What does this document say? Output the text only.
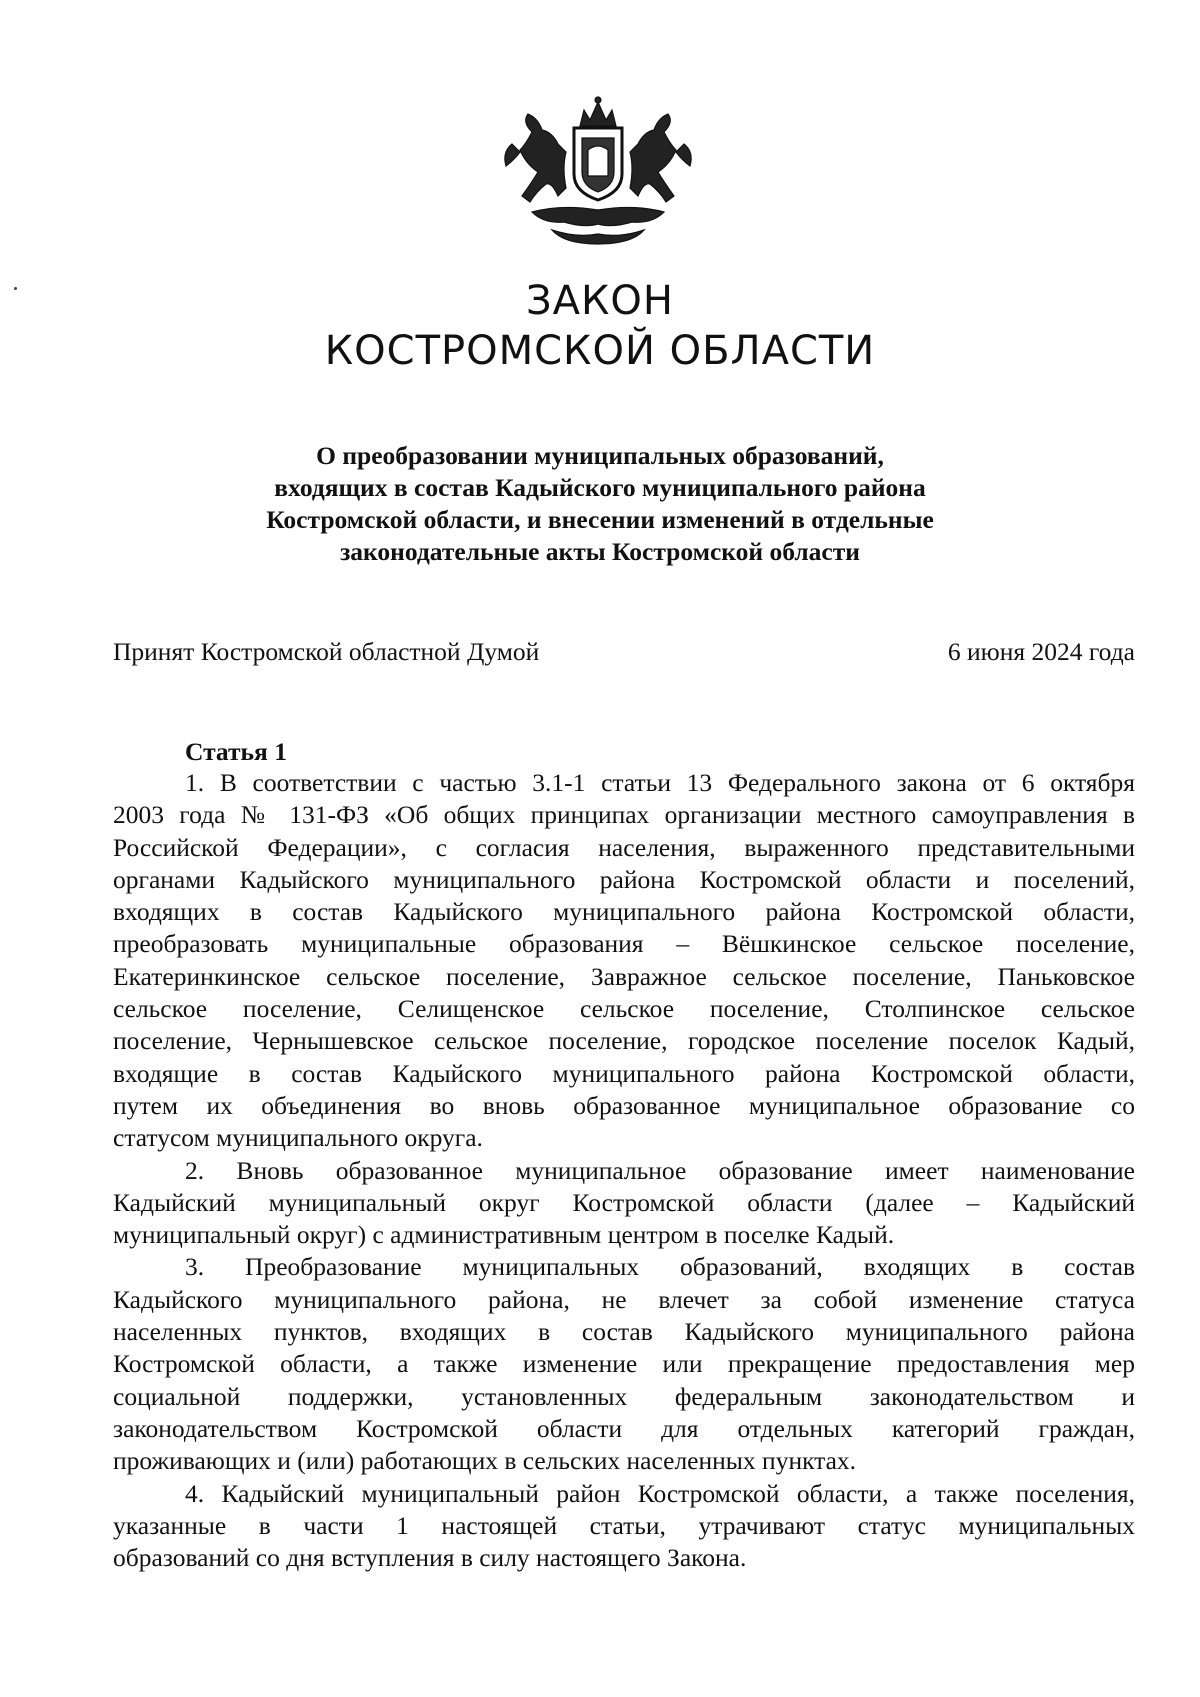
ЗАКОН
КОСТРОМСКОЙ ОБЛАСТИ
О преобразовании муниципальных образований,
входящих в состав Кадыйского муниципального района
Костромской области, и внесении изменений в отдельные
законодательные акты Костромской области
Принят Костромской областной Думой	6 июня 2024 года
Статья 1

1. В соответствии с частью 3.1-1 статьи 13 Федерального закона от 6 октября
2003 года № 131-ФЗ «Об общих принципах организации местного самоуправления в
Российской Федерации», с согласия населения, выраженного представительными
органами Кадыйского муниципального района Костромской области и поселений,
входящих в состав Кадыйского муниципального района Костромской области,
преобразовать муниципальные образования – Вёшкинское сельское поселение,
Екатеринкинское сельское поселение, Завражное сельское поселение, Паньковское
сельское поселение, Селищенское сельское поселение, Столпинское сельское
поселение, Чернышевское сельское поселение, городское поселение поселок Кадый,
входящие в состав Кадыйского муниципального района Костромской области,
путем их объединения во вновь образованное муниципальное образование со
статусом муниципального округа.

2. Вновь образованное муниципальное образование имеет наименование
Кадыйский муниципальный округ Костромской области (далее – Кадыйский
муниципальный округ) с административным центром в поселке Кадый.

3. Преобразование муниципальных образований, входящих в состав
Кадыйского муниципального района, не влечет за собой изменение статуса
населенных пунктов, входящих в состав Кадыйского муниципального района
Костромской области, а также изменение или прекращение предоставления мер
социальной поддержки, установленных федеральным законодательством и
законодательством Костромской области для отдельных категорий граждан,
проживающих и (или) работающих в сельских населенных пунктах.

4. Кадыйский муниципальный район Костромской области, а также поселения,
указанные в части 1 настоящей статьи, утрачивают статус муниципальных
образований со дня вступления в силу настоящего Закона.
